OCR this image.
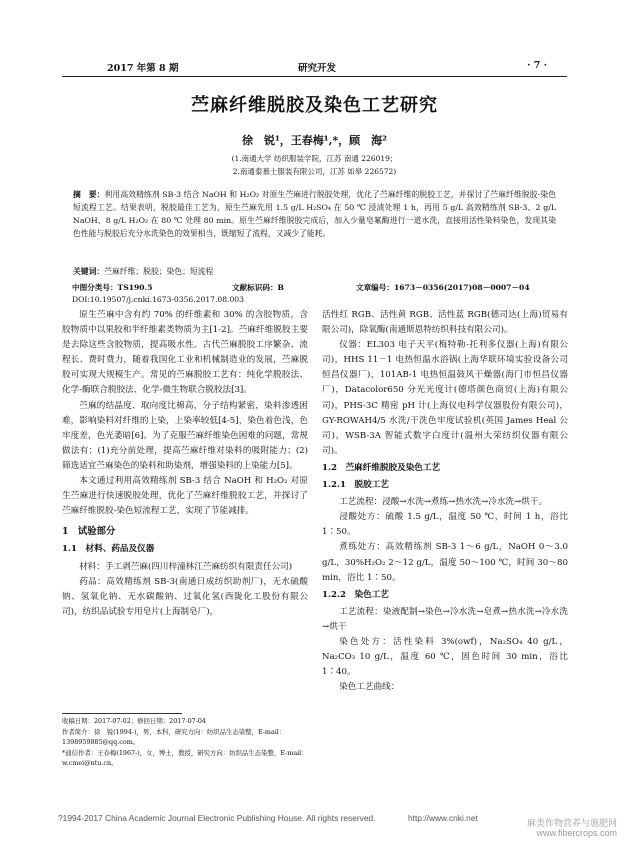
2017 年第 8 期	研究开发	· 7 ·
苎麻纤维脱胶及染色工艺研究
徐　锐¹，王春梅¹,*，顾　海²
(1.南通大学 纺织服装学院，江苏 南通 226019；
2.南通泰慕士服装有限公司，江苏 如皋 226572)
摘　要：利用高效精练剂 SB-3 结合 NaOH 和 H₂O₂ 对原生苎麻进行脱胶处理，优化了苎麻纤维的脱胶工艺，并探讨了苎麻纤维脱胶-染色短流程工艺。结果表明，脱胶最佳工艺为，原生苎麻先用 1.5 g/L H₂SO₄ 在 50 ℃ 浸渍处理 1 h，再用 5 g/L 高效精练剂 SB-3、2 g/L NaOH、8 g/L H₂O₂ 在 80 ℃ 处理 80 min。原生苎麻纤维脱胶完成后，加入少量皂氟酶进行一道水洗，直接用活性染料染色，发现其染色性能与脱胶后充分水洗染色的效果相当，既缩短了流程，又减少了能耗。
关键词：苎麻纤维；脱胶；染色；短流程
中图分类号：TS190.5	文献标识码：B	文章编号：1673－0356(2017)08－0007－04
DOI:10.19507/j.cnki.1673-0356.2017.08.003

原生苎麻中含有约 70% 的纤维素和 30% 的含胶物质，含胶物质中以果胶和半纤维素类物质为主[1-2]。苎麻纤维脱胶主要是去除这些含胶物质，提高吸水性。古代苎麻脱胶工序繁杂、流程长、费时费力，随着我国化工业和机械制造业的发展，苎麻脱胶可实现大规模生产。常见的苎麻脱胶工艺有：纯化学脱胶法、化学-酶联合脱胶法、化学-微生物联合脱胶法[3]。

苎麻的结晶度、取向度比棉高，分子结构紧密，染料渗透困难，影响染料对纤维的上染，上染率较低[4-5]，染色着色浅，色牢度差，色光萎暗[6]。为了克服苎麻纤维染色困难的问题，常规做法有：(1)充分前处理，提高苎麻纤维对染料的吸附能力；(2)筛选适宜苎麻染色的染料和助染剂，增强染料的上染能力[5]。

本文通过利用高效精练剂 SB-3 结合 NaOH 和 H₂O₂ 对原生苎麻进行快速脱胶处理，优化了苎麻纤维脱胶工艺，并探讨了苎麻纤维脱胶-染色短流程工艺，实现了节能减排。

1　试验部分

1.1　材料、药品及仪器

材料：手工剥苎麻(四川梓潼林江苎麻纺织有限责任公司)

药品：高效精练剂 SB-3(南通日成纺织助剂厂)，无水硫酸钠、氢氧化钠、无水碳酸钠、过氧化氢(西陇化工股份有限公司)，纺织品试验专用皂片(上海制皂厂)，

活性红 RGB、活性黄 RGB、活性蓝 RGB(德司达(上海)贸易有限公司)，除氧酶(南通斯恩特纺织科技有限公司)。

仪器：EL303 电子天平(梅特勒-托利多仪器(上海)有限公司)，HHS 11－1 电热恒温水浴锅(上海华联环境实验设备公司恒昌仪器厂)，101AB-1 电热恒温鼓风干燥器(海门市恒昌仪器厂)，Datacolor650 分光光度计(德塔颜色商贸(上海)有限公司)，PHS-3C 精密 pH 计(上海仪电科学仪器股份有限公司)，GY-ROWAH4/5 水洗/干洗色牢度试验机(英国 James Heal 公司)，WSB-3A 智能式数字白度计(温州大荣纺织仪器有限公司)。

1.2　苎麻纤维脱胶及染色工艺

1.2.1　脱胶工艺

工艺流程：浸酸→水洗→煮练→热水洗→冷水洗→烘干。

浸酸处方：硫酸 1.5 g/L，温度 50 ℃，时间 1 h，浴比 1∶50。

煮练处方：高效精练剂 SB-3 1～6 g/L，NaOH 0～3.0 g/L，30%H₂O₂ 2～12 g/L，温度 50～100 ℃，时间 30～80 min，浴比 1∶50。

1.2.2　染色工艺

工艺流程：染液配制→染色→冷水洗→皂煮→热水洗→冷水洗→烘干

染色处方：活性染料 3%(owf)，Na₂SO₄ 40 g/L，Na₂CO₃ 10 g/L，温度 60 ℃，固色时间 30 min，浴比 1∶40。

染色工艺曲线：

收稿日期：2017-07-02；修回日期：2017-07-04

作者简介：徐　锐(1994-)，男，本科，研究方向：纺织品生态染整，E-mail：1398959885@qq.com。

*通信作者：王春梅(1967-)，女，博士，教授，研究方向：纺织品生态染整，E-mail：w.cmei@ntu.cn。

?1994-2017 China Academic Journal Electronic Publishing House. All rights reserved.	http://www.cnki.net	麻类作物营养与施肥网
www.fibercrops.com
